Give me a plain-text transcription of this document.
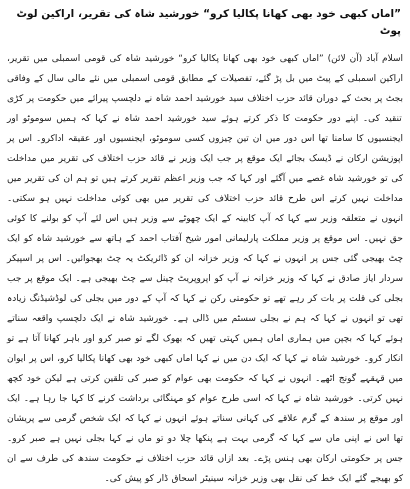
”اماں کبھی خود بھی کھانا پکالیا کرو“ خورشید شاہ کی تقریر، اراکین لوٹ پوٹ
اسلام آباد (آن لائن) ”اماں کبھی خود بھی کھانا پکالیا کرو“ خورشید شاہ کی قومی اسمبلی میں تقریر، اراکین اسمبلی کے پیٹ میں بل پڑ گئے، تفصیلات کے مطابق قومی اسمبلی میں نئے مالی سال کے وفاقی بجٹ پر بحث کے دوران قائد حزب اختلاف سید خورشید احمد شاہ نے دلچسپ پیرائے میں حکومت پر کڑی تنقید کی۔ اپنے دور حکومت کا ذکر کرتے ہوئے سید خورشید احمد شاہ نے کہا کہ ہمیں سوموٹو اور ایجنسیوں کا سامنا تھا اس دور میں ان تین چیزوں کسی سوموٹو، ایجنسیوں اور عقیقہ اداکرو۔ اس پر اپوزیشن ارکان نے ڈیسک بجائے ایک موقع پر جب ایک وزیر نے قائد حزب اختلاف کی تقریر میں مداخلت کی تو خورشید شاہ غصے میں آگئے اور کہا کہ جب وزیر اعظم تقریر کرتے ہیں تو ہم ان کی تقریر میں مداخلت نہیں کرتے اس طرح قائد حزب اختلاف کی تقریر میں بھی کوئی مداخلت نہیں ہو سکتی۔ انہوں نے متعلقہ وزیر سے کہا کہ آپ کابینہ کے ایک چھوٹے سے وزیر ہیں اس لئے آپ کو بولنے کا کوئی حق نہیں۔ اس موقع پر وزیر مملکت پارلیمانی امور شیخ آفتاب احمد کے ہاتھ سے خورشید شاہ کو ایک چٹ بھیجی گئی جس پر انہوں نے کہا کہ وزیر خزانہ ان کو ڈائریکٹ یہ چٹ بھجوائیں۔ اس پر اسپیکر سردار ایاز صادق نے کہا کہ وزیر خزانہ نے آپ کو اپروپریٹ چینل سے چٹ بھیجی ہے۔ ایک موقع پر جب بجلی کی قلت پر بات کر رہے تھے تو حکومتی رکن نے کہا کہ آپ کے دور میں بجلی کی لوڈشیڈنگ زیادہ تھی تو انہوں نے کہا کہ ہم نے بجلی سسٹم میں ڈالی ہے۔ خورشید شاہ نے ایک دلچسپ واقعہ سناتے ہوئے کہا کہ بچپن میں ہماری اماں ہمیں کہتی تھیں کہ بھوک لگے تو صبر کرو اور باہر کھانا آتا ہے تو انکار کرو۔ خورشید شاہ نے کہا کہ ایک دن میں نے کہا اماں کبھی خود بھی کھانا پکالیا کرو، اس پر ایوان میں قہقہے گونج اٹھے۔ انہوں نے کہا کہ حکومت بھی عوام کو صبر کی تلقین کرتی ہے لیکن خود کچھ نہیں کرتی۔ خورشید شاہ نے کہا کہ اسی طرح عوام کو مہنگائی برداشت کرنے کا کہا جا رہا ہے۔ ایک اور موقع پر سندھ کے گرم علاقے کی کہانی سناتے ہوئے انہوں نے کہا کہ ایک شخص گرمی سے پریشان تھا اس نے اپنی ماں سے کہا کہ گرمی بہت ہے پنکھا چلا دو تو ماں نے کہا بجلی نہیں ہے صبر کرو۔ جس پر حکومتی ارکان بھی ہنس پڑے۔ بعد ازاں قائد حزب اختلاف نے حکومت سندھ کی طرف سے ان کو بھیجے گئے ایک خط کی نقل بھی وزیر خزانہ سینیٹر اسحاق ڈار کو پیش کی۔
